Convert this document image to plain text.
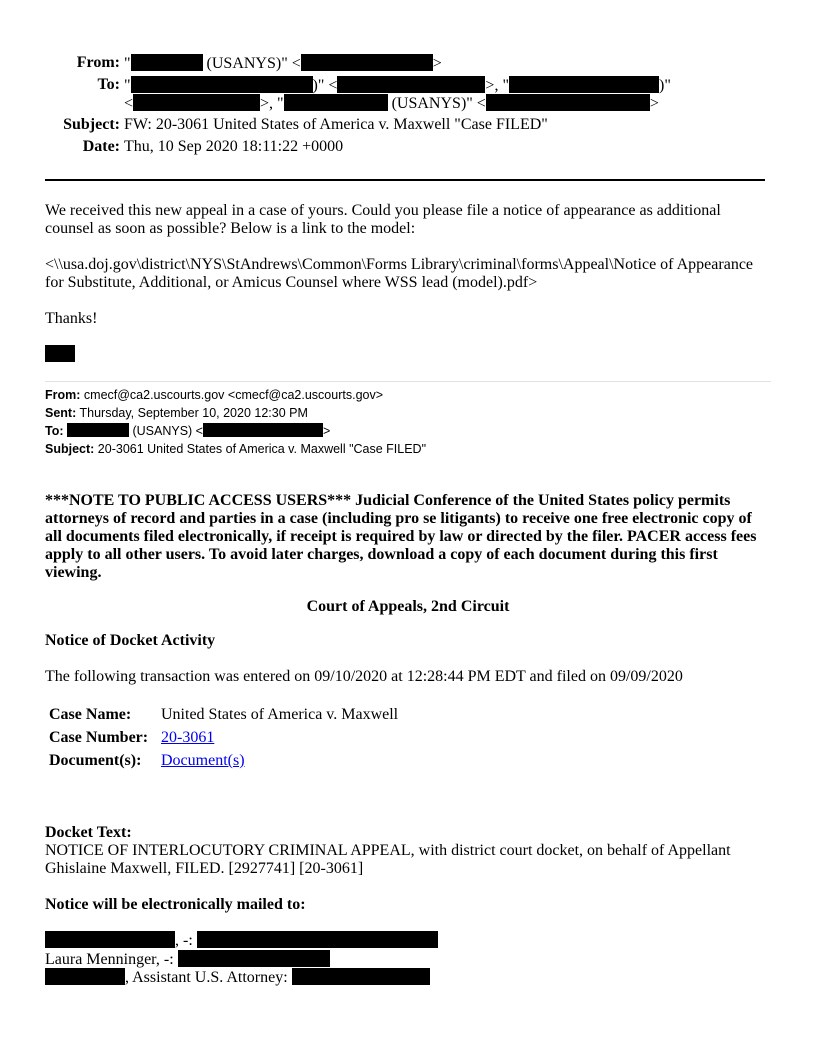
From: "	(USANYS)" <	>
To: "	)" <	>, "	)"
<	>, "	(USANYS)" <	>
Subject: FW: 20-3061 United States of America v. Maxwell "Case FILED"
Date: Thu, 10 Sep 2020 18:11:22 +0000
We received this new appeal in a case of yours. Could you please file a notice of appearance as additional
counsel as soon as possible? Below is a link to the model:
<\\usa.doj.gov\district\NYS\StAndrews\Common\Forms Library\criminal\forms\Appeal\Notice of Appearance
for Substitute, Additional, or Amicus Counsel where WSS lead (model).pdf>
Thanks!
From: cmecf@ca2.uscourts.gov <cmecf@ca2.uscourts.gov>
Sent: Thursday, September 10, 2020 12:30 PM
To:	(USANYS) <	>
Subject: 20-3061 United States of America v. Maxwell "Case FILED"
***NOTE TO PUBLIC ACCESS USERS*** Judicial Conference of the United States policy permits
attorneys of record and parties in a case (including pro se litigants) to receive one free electronic copy of
all documents filed electronically, if receipt is required by law or directed by the filer. PACER access fees
apply to all other users. To avoid later charges, download a copy of each document during this first
viewing.
Court of Appeals, 2nd Circuit
Notice of Docket Activity
The following transaction was entered on 09/10/2020 at 12:28:44 PM EDT and filed on 09/09/2020
Case Name: United States of America v. Maxwell
Case Number: 20-3061
Document(s): Document(s)
Docket Text:
NOTICE OF INTERLOCUTORY CRIMINAL APPEAL, with district court docket, on behalf of Appellant
Ghislaine Maxwell, FILED. [2927741] [20-3061]
Notice will be electronically mailed to:
, -:
Laura Menninger, -:
, Assistant U.S. Attorney:
